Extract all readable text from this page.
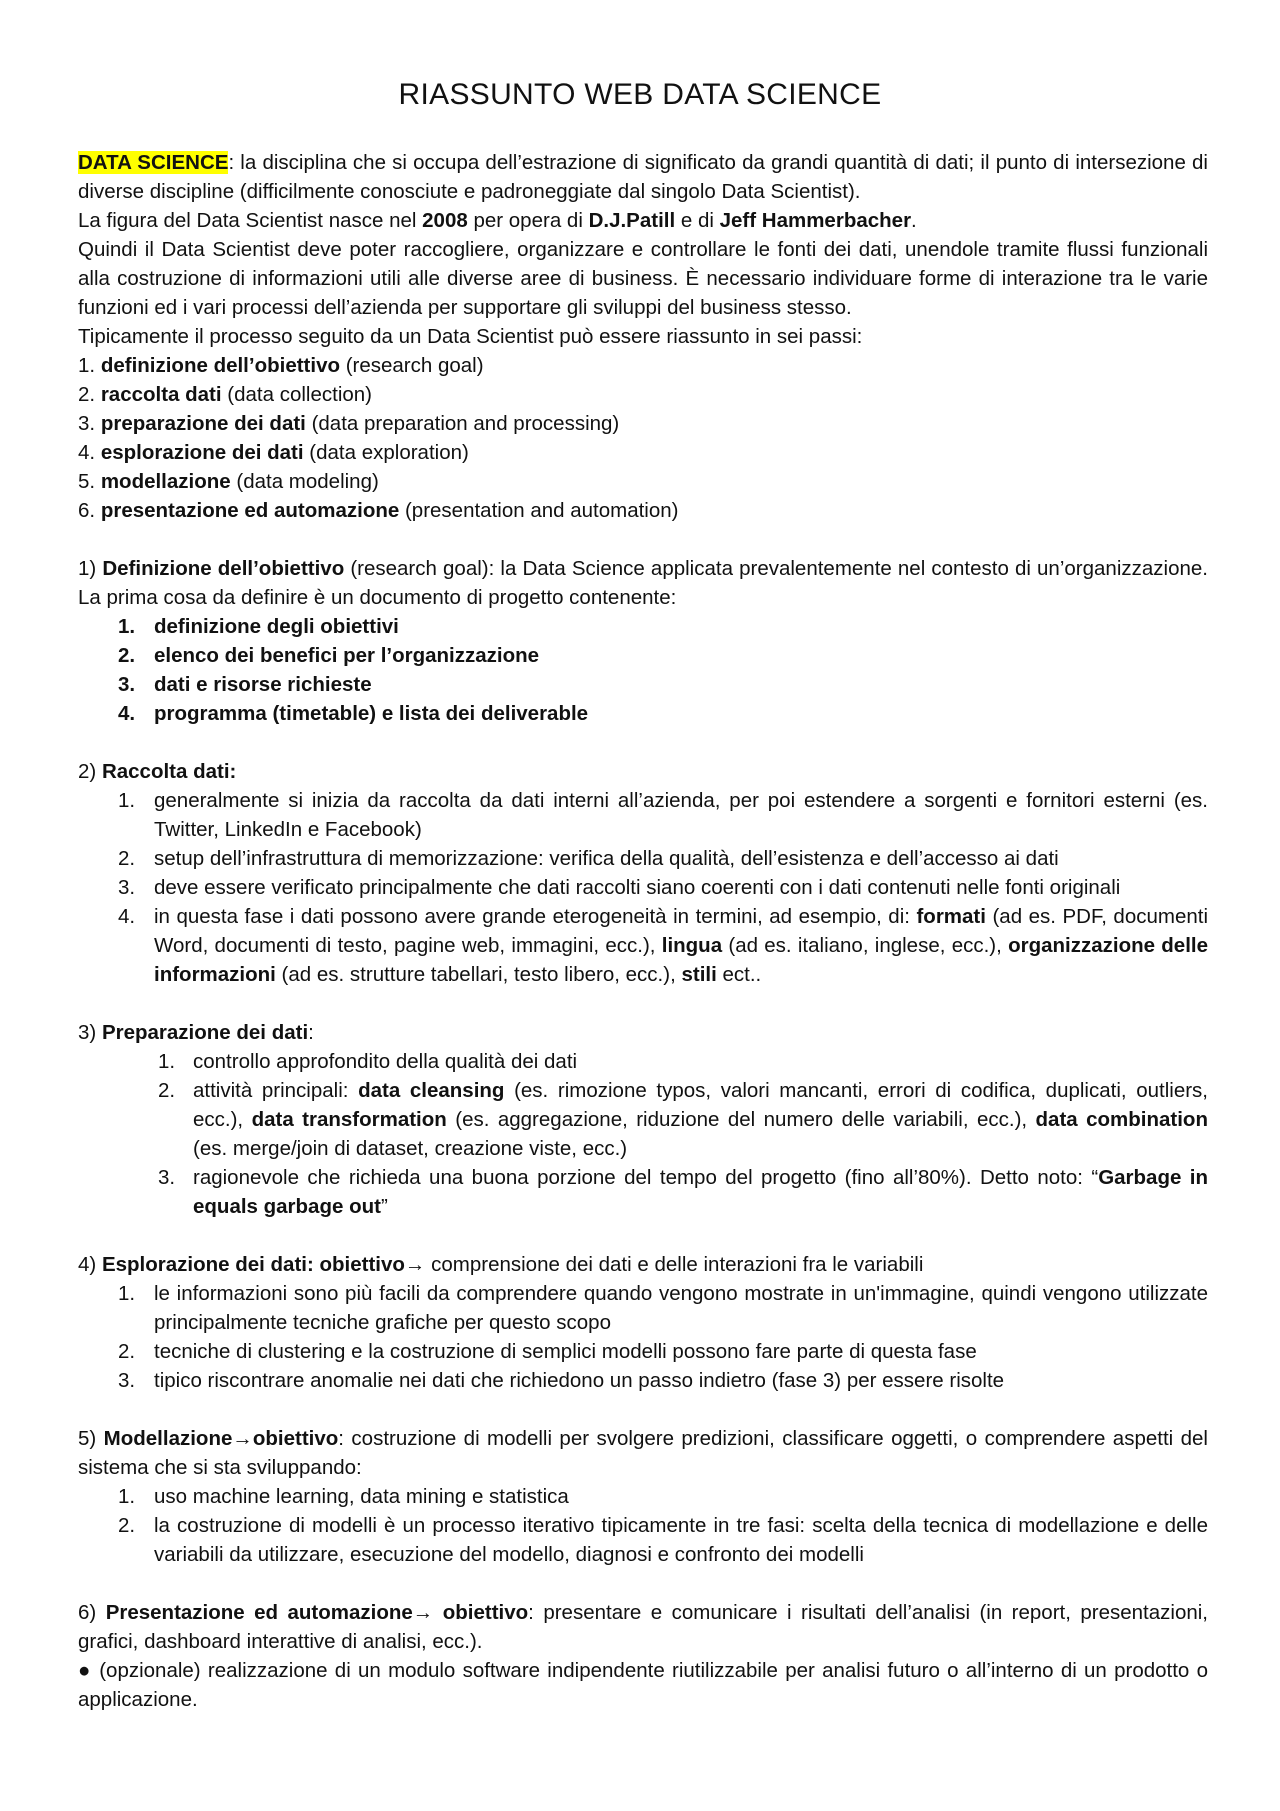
RIASSUNTO WEB DATA SCIENCE

DATA SCIENCE: la disciplina che si occupa dell’estrazione di significato da grandi quantità di dati; il punto di intersezione di diverse discipline (difficilmente conosciute e padroneggiate dal singolo Data Scientist).

La figura del Data Scientist nasce nel 2008 per opera di D.J.Patill e di Jeff Hammerbacher.

Quindi il Data Scientist deve poter raccogliere, organizzare e controllare le fonti dei dati, unendole tramite flussi funzionali alla costruzione di informazioni utili alle diverse aree di business. È necessario individuare forme di interazione tra le varie funzioni ed i vari processi dell’azienda per supportare gli sviluppi del business stesso.

Tipicamente il processo seguito da un Data Scientist può essere riassunto in sei passi:

1. definizione dell’obiettivo (research goal)

2. raccolta dati (data collection)

3. preparazione dei dati (data preparation and processing)

4. esplorazione dei dati (data exploration)

5. modellazione (data modeling)

6. presentazione ed automazione (presentation and automation)

1) Definizione dell’obiettivo (research goal): la Data Science applicata prevalentemente nel contesto di un’organizzazione. La prima cosa da definire è un documento di progetto contenente:

1. definizione degli obiettivi
2. elenco dei benefici per l’organizzazione
3. dati e risorse richieste
4. programma (timetable) e lista dei deliverable

2) Raccolta dati:

1. generalmente si inizia da raccolta da dati interni all’azienda, per poi estendere a sorgenti e fornitori esterni (es. Twitter, LinkedIn e Facebook)
2. setup dell’infrastruttura di memorizzazione: verifica della qualità, dell’esistenza e dell’accesso ai dati
3. deve essere verificato principalmente che dati raccolti siano coerenti con i dati contenuti nelle fonti originali
4. in questa fase i dati possono avere grande eterogeneità in termini, ad esempio, di: formati (ad es. PDF, documenti Word, documenti di testo, pagine web, immagini, ecc.), lingua (ad es. italiano, inglese, ecc.), organizzazione delle informazioni (ad es. strutture tabellari, testo libero, ecc.), stili ect..

3) Preparazione dei dati:

1. controllo approfondito della qualità dei dati
2. attività principali: data cleansing (es. rimozione typos, valori mancanti, errori di codifica, duplicati, outliers, ecc.), data transformation (es. aggregazione, riduzione del numero delle variabili, ecc.), data combination (es. merge/join di dataset, creazione viste, ecc.)
3. ragionevole che richieda una buona porzione del tempo del progetto (fino all’80%). Detto noto: “Garbage in equals garbage out”

4) Esplorazione dei dati: obiettivo→ comprensione dei dati e delle interazioni fra le variabili

1. le informazioni sono più facili da comprendere quando vengono mostrate in un'immagine, quindi vengono utilizzate principalmente tecniche grafiche per questo scopo
2. tecniche di clustering e la costruzione di semplici modelli possono fare parte di questa fase
3. tipico riscontrare anomalie nei dati che richiedono un passo indietro (fase 3) per essere risolte

5) Modellazione→obiettivo: costruzione di modelli per svolgere predizioni, classificare oggetti, o comprendere aspetti del sistema che si sta sviluppando:

1. uso machine learning, data mining e statistica
2. la costruzione di modelli è un processo iterativo tipicamente in tre fasi: scelta della tecnica di modellazione e delle variabili da utilizzare, esecuzione del modello, diagnosi e confronto dei modelli

6) Presentazione ed automazione→ obiettivo: presentare e comunicare i risultati dell’analisi (in report, presentazioni, grafici, dashboard interattive di analisi, ecc.).

● (opzionale) realizzazione di un modulo software indipendente riutilizzabile per analisi futuro o all’interno di un prodotto o applicazione.
